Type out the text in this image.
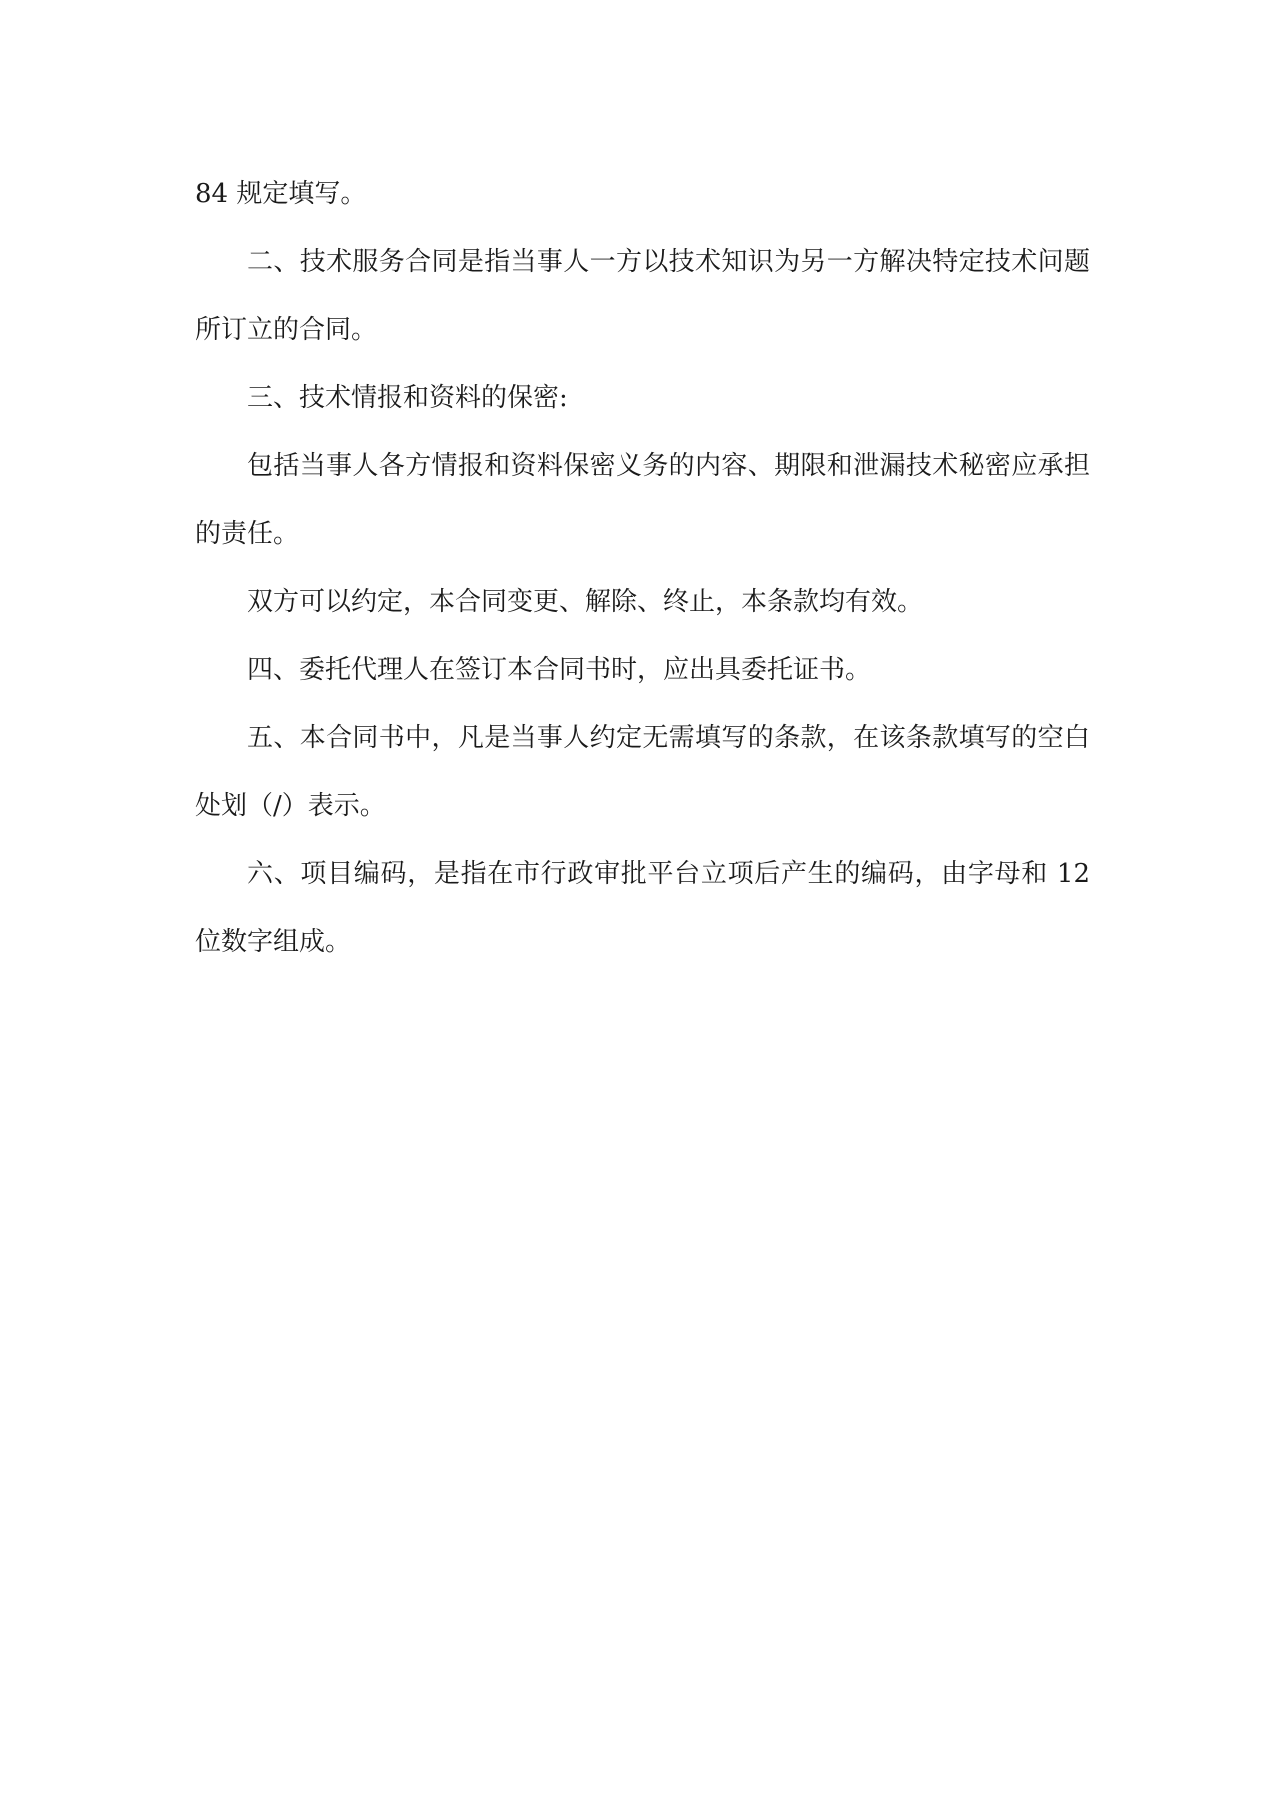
84 规定填写。

二、技术服务合同是指当事人一方以技术知识为另一方解决特定技术问题所订立的合同。

三、技术情报和资料的保密:

包括当事人各方情报和资料保密义务的内容、期限和泄漏技术秘密应承担的责任。

双方可以约定，本合同变更、解除、终止，本条款均有效。

四、委托代理人在签订本合同书时，应出具委托证书。

五、本合同书中，凡是当事人约定无需填写的条款，在该条款填写的空白处划（/）表示。

六、项目编码，是指在市行政审批平台立项后产生的编码，由字母和 12 位数字组成。
